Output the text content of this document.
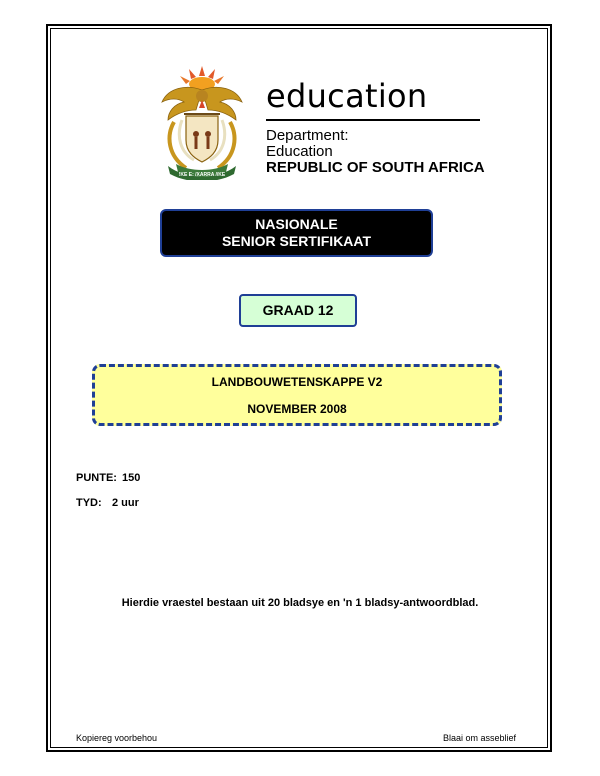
!KE E: /XARRA //KE
education
Department:
Education
REPUBLIC OF SOUTH AFRICA
NASIONALE
SENIOR SERTIFIKAAT
GRAAD 12
LANDBOUWETENSKAPPE V2
NOVEMBER 2008
PUNTE: 150
TYD: 2 uur
Hierdie vraestel bestaan uit 20 bladsye en 'n 1 bladsy-antwoordblad.
Kopiereg voorbehou	Blaai om asseblief
